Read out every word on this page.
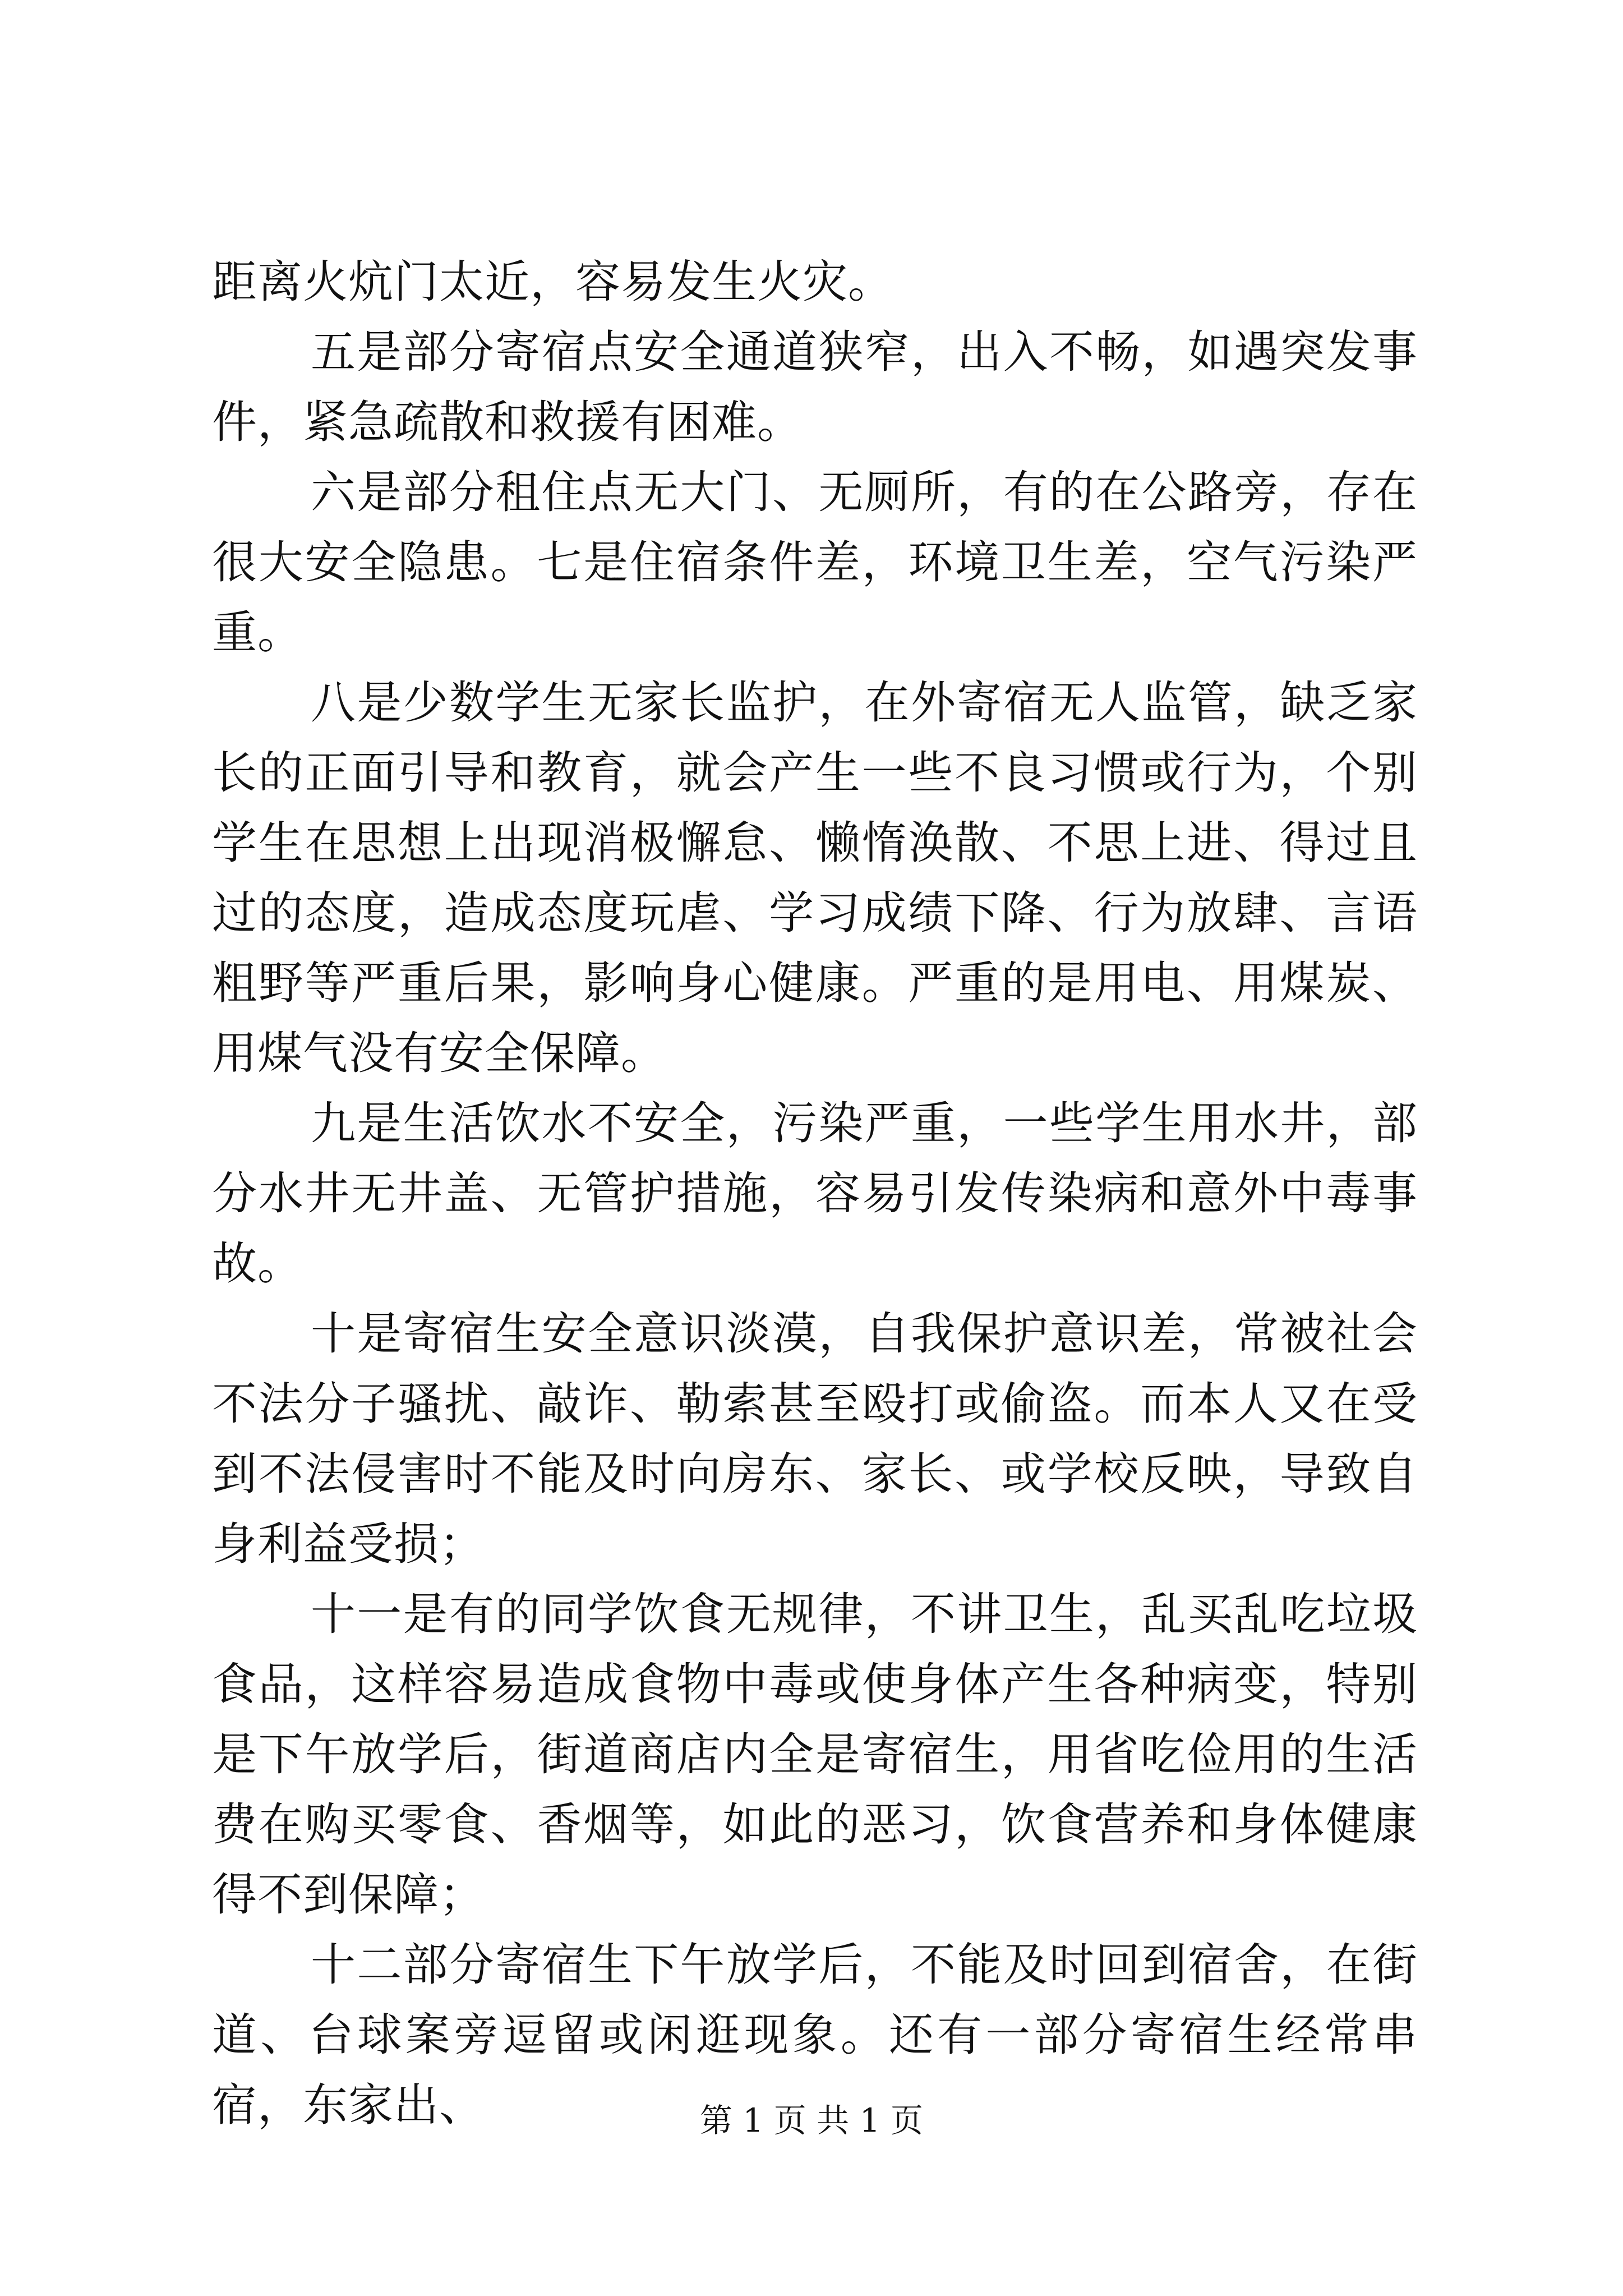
距离火炕门太近，容易发生火灾。

五是部分寄宿点安全通道狭窄，出入不畅，如遇突发事件，紧急疏散和救援有困难。

六是部分租住点无大门、无厕所，有的在公路旁，存在很大安全隐患。七是住宿条件差，环境卫生差，空气污染严重。

八是少数学生无家长监护，在外寄宿无人监管，缺乏家长的正面引导和教育，就会产生一些不良习惯或行为，个别学生在思想上出现消极懈怠、懒惰涣散、不思上进、得过且过的态度，造成态度玩虐、学习成绩下降、行为放肆、言语粗野等严重后果，影响身心健康。严重的是用电、用煤炭、用煤气没有安全保障。

九是生活饮水不安全，污染严重，一些学生用水井，部分水井无井盖、无管护措施，容易引发传染病和意外中毒事故。

十是寄宿生安全意识淡漠，自我保护意识差，常被社会不法分子骚扰、敲诈、勒索甚至殴打或偷盗。而本人又在受到不法侵害时不能及时向房东、家长、或学校反映，导致自身利益受损；

十一是有的同学饮食无规律，不讲卫生，乱买乱吃垃圾食品，这样容易造成食物中毒或使身体产生各种病变，特别是下午放学后，街道商店内全是寄宿生，用省吃俭用的生活费在购买零食、香烟等，如此的恶习，饮食营养和身体健康得不到保障；

十二部分寄宿生下午放学后，不能及时回到宿舍，在街道、台球案旁逗留或闲逛现象。还有一部分寄宿生经常串宿，东家出、	第 1 页 共 1 页
